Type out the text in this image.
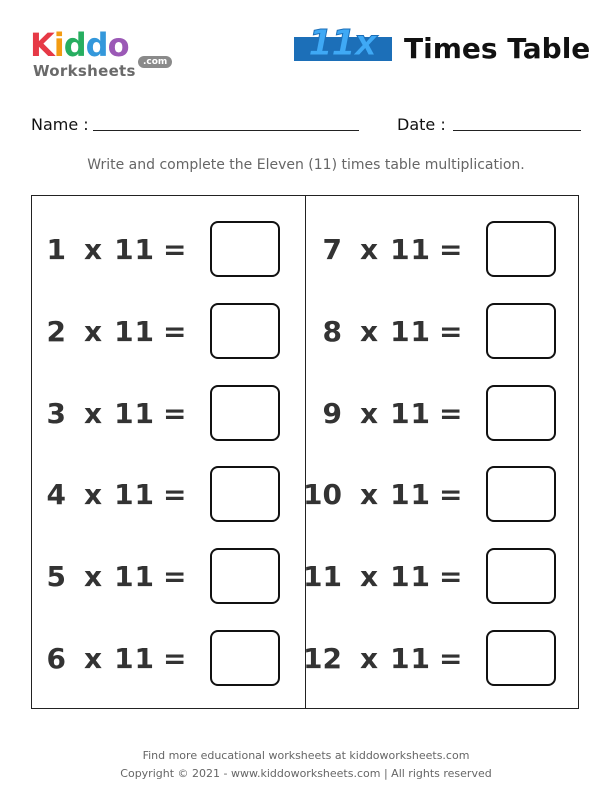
Kiddo
Worksheets .com	11x Times Table
Name :	Date :
Write and complete the Eleven (11) times table multiplication.
1 x 11 =
2 x 11 =
3 x 11 =
4 x 11 =
5 x 11 =
6 x 11 =
7 x 11 =
8 x 11 =
9 x 11 =
10 x 11 =
11 x 11 =
12 x 11 =
Find more educational worksheets at kiddoworksheets.com
Copyright © 2021 - www.kiddoworksheets.com | All rights reserved
